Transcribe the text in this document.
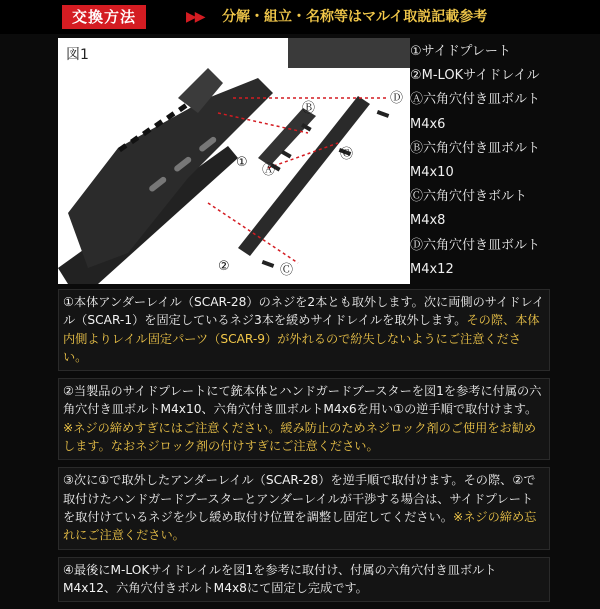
交換方法	▶▶ 分解・組立・名称等はマルイ取説記載参考
①
②
Ⓐ
Ⓑ
Ⓒ
Ⓒ
Ⓓ
図1	①サイドプレート
②M-LOKサイドレイル
Ⓐ六角穴付き皿ボルト
M4x6
Ⓑ六角穴付き皿ボルト
M4x10
Ⓒ六角穴付きボルト
M4x8
Ⓓ六角穴付き皿ボルト
M4x12
①本体アンダーレイル（SCAR-28）のネジを2本とも取外します。次に両側のサイドレイル（SCAR-1）を固定しているネジ3本を緩めサイドレイルを取外します。その際、本体内側よりレイル固定パーツ（SCAR-9）が外れるので紛失しないようにご注意ください。
②当製品のサイドプレートにて銃本体とハンドガードブースターを図1を参考に付属の六角穴付き皿ボルトM4x10、六角穴付き皿ボルトM4x6を用い①の逆手順で取付けます。※ネジの締めすぎにはご注意ください。緩み防止のためネジロック剤のご使用をお勧めします。なおネジロック剤の付けすぎにご注意ください。
③次に①で取外したアンダーレイル（SCAR-28）を逆手順で取付けます。その際、②で取付けたハンドガードブースターとアンダーレイルが干渉する場合は、サイドプレートを取付けているネジを少し緩め取付け位置を調整し固定してください。※ネジの締め忘れにご注意ください。
④最後にM-LOKサイドレイルを図1を参考に取付け、付属の六角穴付き皿ボルトM4x12、六角穴付きボルトM4x8にて固定し完成です。
